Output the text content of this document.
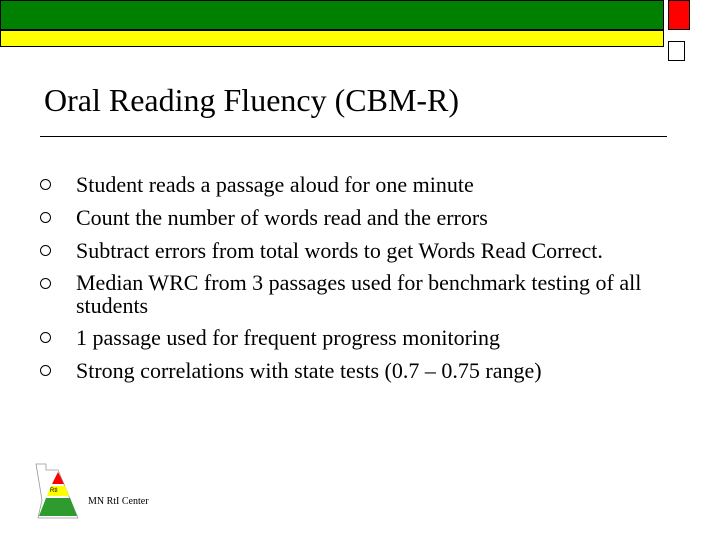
Oral Reading Fluency (CBM-R)
Student reads a passage aloud for one minute
Count the number of words read and the errors
Subtract errors from total words to get Words Read Correct.
Median WRC from 3 passages used for benchmark testing of all students
1 passage used for frequent progress monitoring
Strong correlations with state tests (0.7 – 0.75 range)
RtI
MN RtI Center
